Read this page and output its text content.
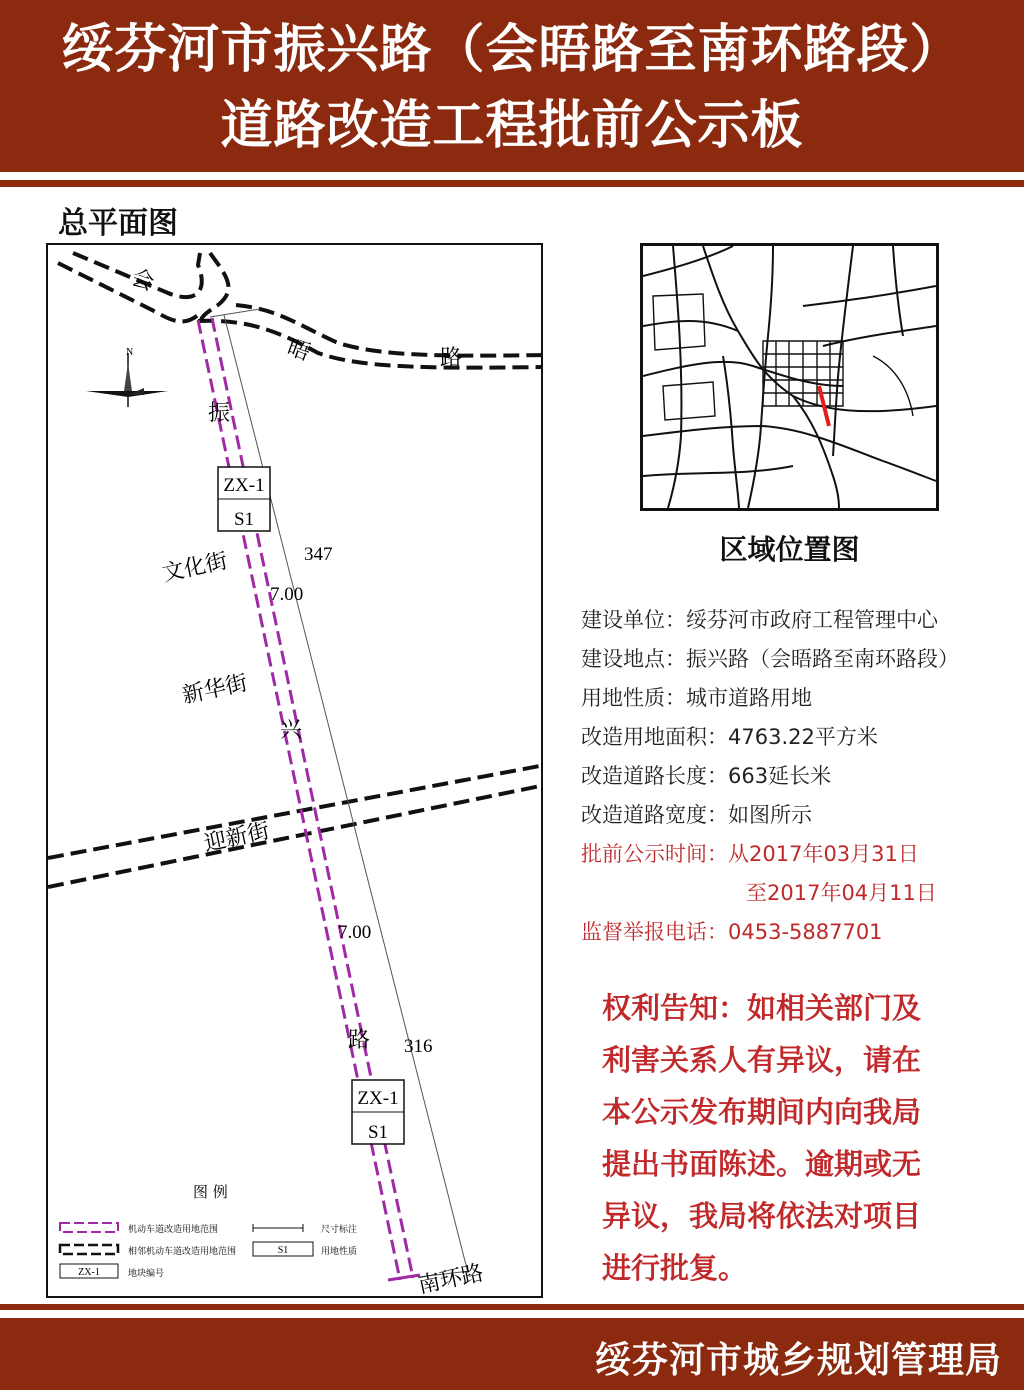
绥芬河市振兴路（会晤路至南环路段）
道路改造工程批前公示板
总平面图
N
会
晤	路
振
文化街
新华街
兴
迎新街
路
南环路
347
7.00
7.00
316
ZX-1
S1
ZX-1
S1
图 例
机动车道改造用地范围	尺寸标注
相邻机动车道改造用地范围	S1	用地性质
ZX-1	地块编号
区域位置图
建设单位：绥芬河市政府工程管理中心
建设地点：振兴路（会晤路至南环路段）
用地性质：城市道路用地
改造用地面积：4763.22平方米
改造道路长度：663延长米
改造道路宽度：如图所示
批前公示时间：从2017年03月31日
至2017年04月11日
监督举报电话：0453-5887701
权利告知：如相关部门及
利害关系人有异议，请在
本公示发布期间内向我局
提出书面陈述。逾期或无
异议，我局将依法对项目
进行批复。
绥芬河市城乡规划管理局
